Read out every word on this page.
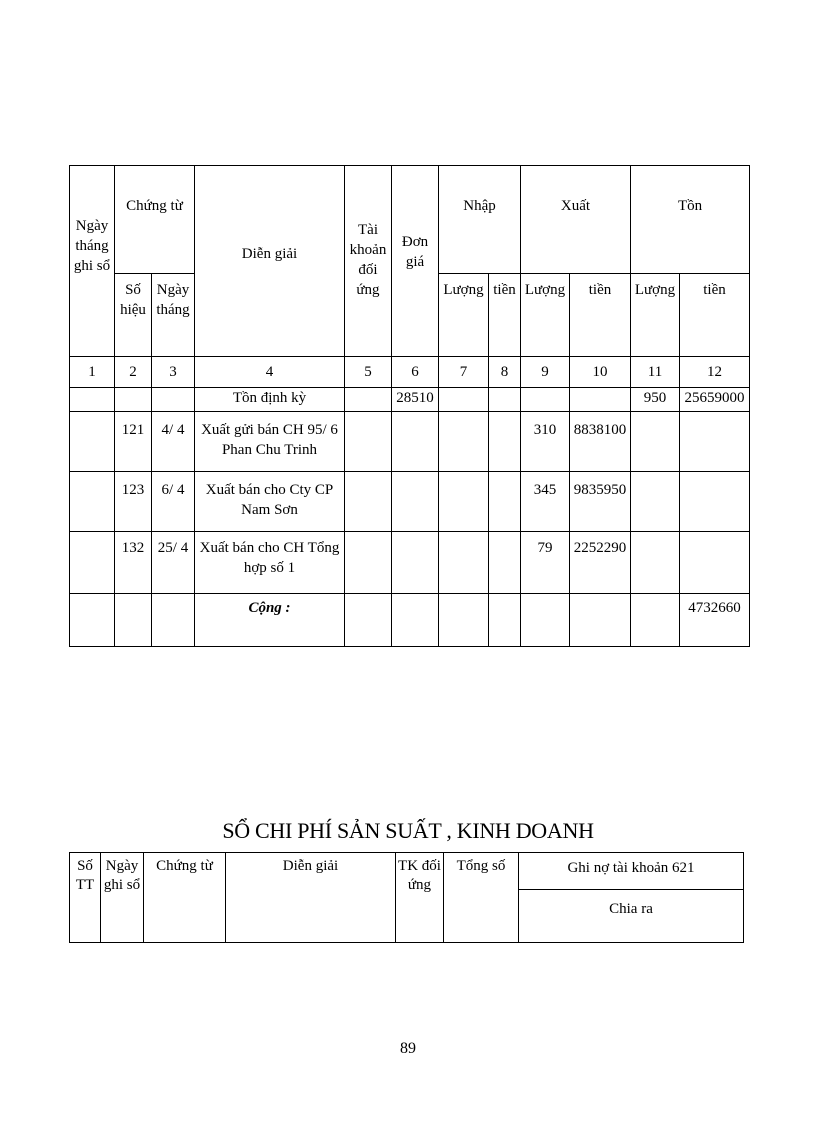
Ngày tháng ghi sổ	Chứng từ		Diễn giải	Tài khoản đối ứng	Đơn giá	Nhập		Xuất		Tồn	
	Số hiệu	Ngày tháng				Lượng	tiền	Lượng	tiền	Lượng	tiền
1	2	3	4	5	6	7	8	9	10	11	12
			Tồn định kỳ		28510					950	25659000
	121	4/ 4	Xuất gửi bán CH 95/ 6 Phan Chu Trinh					310	8838100		
	123	6/ 4	Xuất bán cho Cty CP Nam Sơn					345	9835950		
	132	25/ 4	Xuất bán cho CH Tổng hợp số 1					79	2252290		
			Cộng :								4732660
SỔ CHI PHÍ SẢN SUẤT , KINH DOANH
Số TT	Ngày ghi sổ	Chứng từ	Diễn giải	TK đối ứng	Tổng số	Ghi nợ tài khoản 621
Chia ra
89
